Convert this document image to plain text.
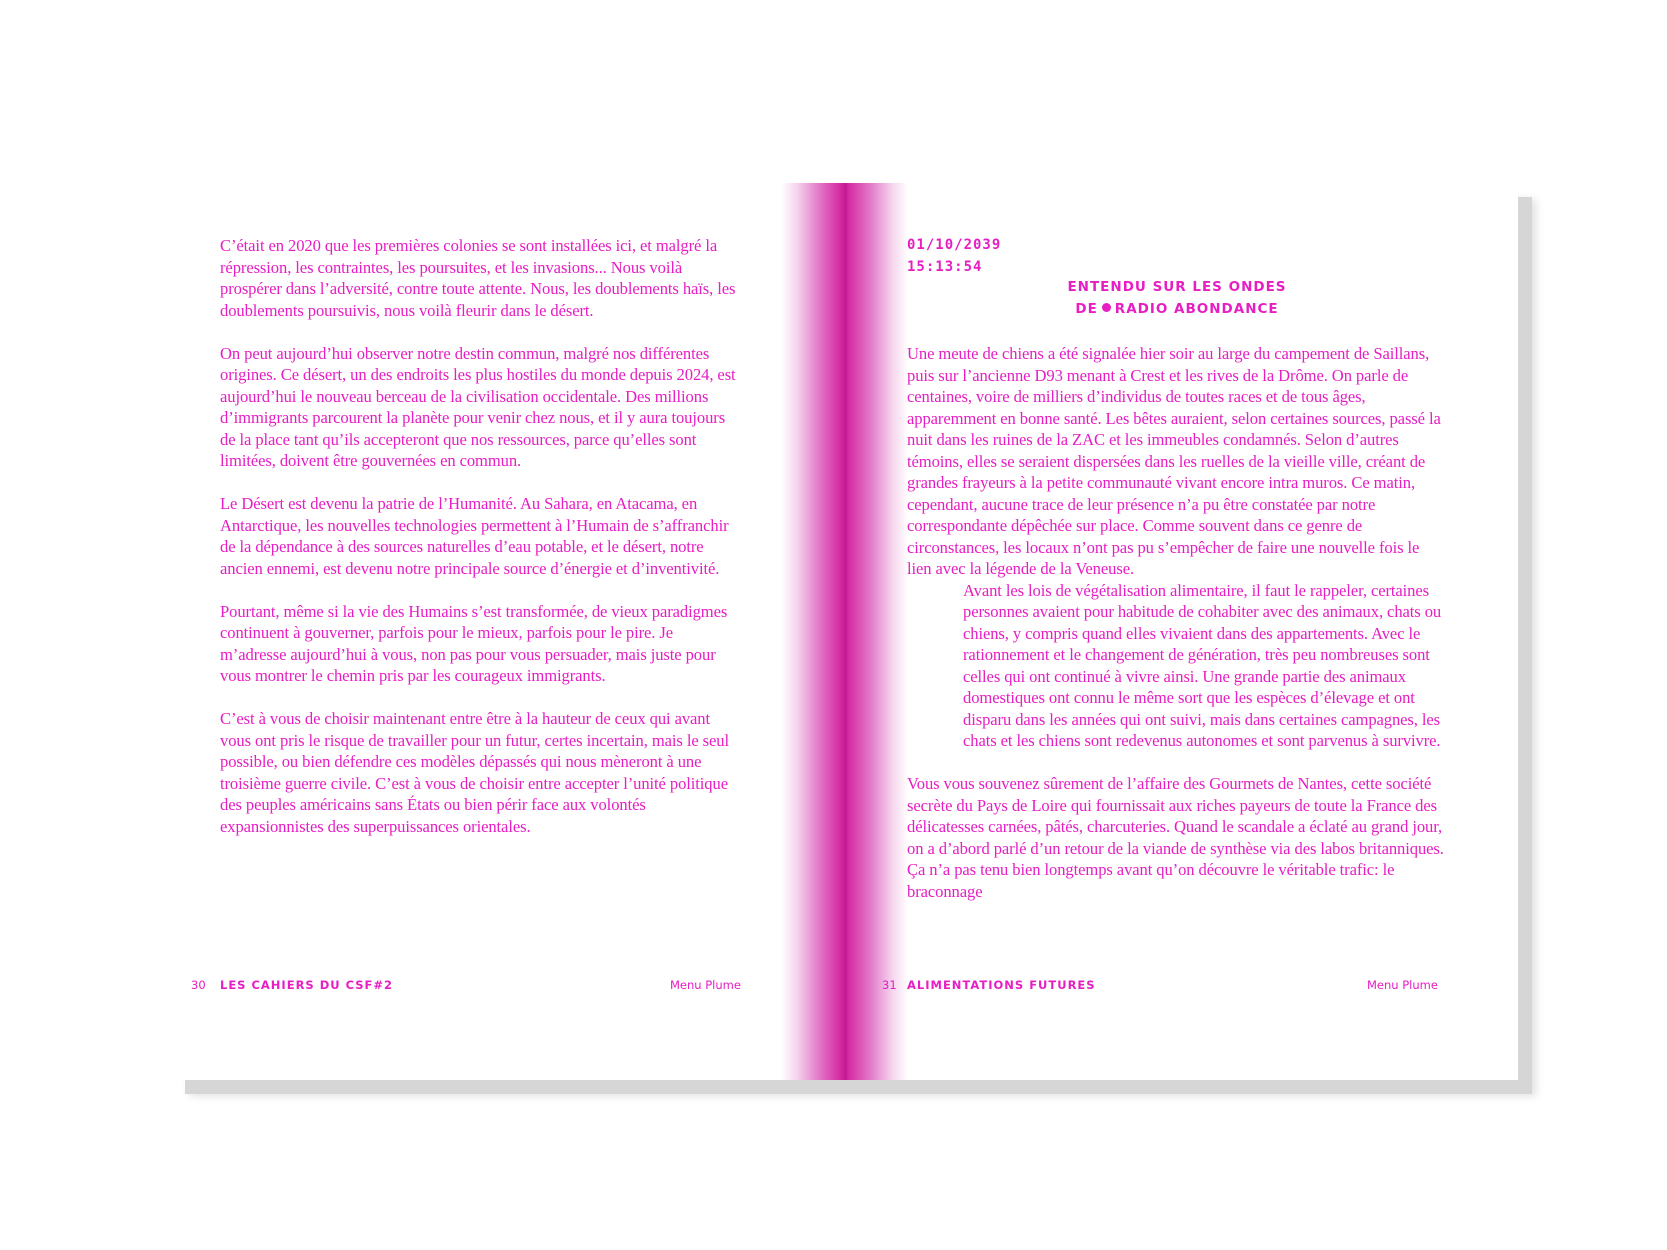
C’était en 2020 que les premières colonies se sont installées ici, et malgré la répression, les contraintes, les poursuites, et les invasions... Nous voilà prospérer dans l’adversité, contre toute attente. Nous, les doublements haïs, les doublements poursuivis, nous voilà fleurir dans le désert.

On peut aujourd’hui observer notre destin commun, malgré nos différentes origines. Ce désert, un des endroits les plus hostiles du monde depuis 2024, est aujourd’hui le nouveau berceau de la civilisation occidentale. Des millions d’immigrants parcourent la planète pour venir chez nous, et il y aura toujours de la place tant qu’ils accepteront que nos ressources, parce qu’elles sont limitées, doivent être gouvernées en commun.

Le Désert est devenu la patrie de l’Humanité. Au Sahara, en Atacama, en Antarctique, les nouvelles technologies permettent à l’Humain de s’affranchir de la dépendance à des sources naturelles d’eau potable, et le désert, notre ancien ennemi, est devenu notre principale source d’énergie et d’inventivité.

Pourtant, même si la vie des Humains s’est transformée, de vieux paradigmes continuent à gouverner, parfois pour le mieux, parfois pour le pire. Je m’adresse aujourd’hui à vous, non pas pour vous persuader, mais juste pour vous montrer le chemin pris par les courageux immigrants.

C’est à vous de choisir maintenant entre être à la hauteur de ceux qui avant vous ont pris le risque de travailler pour un futur, certes incertain, mais le seul possible, ou bien défendre ces modèles dépassés qui nous mèneront à une troisième guerre civile. C’est à vous de choisir entre accepter l’unité politique des peuples américains sans États ou bien périr face aux volontés expansionnistes des superpuissances orientales.

30 LES CAHIERS DU CSF#2	Menu Plume
01/10/2039
15:13:54
ENTENDU SUR LES ONDES
DE RADIO ABONDANCE

Une meute de chiens a été signalée hier soir au large du campement de Saillans, puis sur l’ancienne D93 menant à Crest et les rives de la Drôme. On parle de centaines, voire de milliers d’individus de toutes races et de tous âges, apparemment en bonne santé. Les bêtes auraient, selon certaines sources, passé la nuit dans les ruines de la ZAC et les immeubles condamnés. Selon d’autres témoins, elles se seraient dispersées dans les ruelles de la vieille ville, créant de grandes frayeurs à la petite communauté vivant encore intra muros. Ce matin, cependant, aucune trace de leur présence n’a pu être constatée par notre correspondante dépêchée sur place. Comme souvent dans ce genre de circonstances, les locaux n’ont pas pu s’empêcher de faire une nouvelle fois le lien avec la légende de la Veneuse.

Avant les lois de végétalisation alimentaire, il faut le rappeler, certaines personnes avaient pour habitude de cohabiter avec des animaux, chats ou chiens, y compris quand elles vivaient dans des appartements. Avec le rationnement et le changement de génération, très peu nombreuses sont celles qui ont continué à vivre ainsi. Une grande partie des animaux domestiques ont connu le même sort que les espèces d’élevage et ont disparu dans les années qui ont suivi, mais dans certaines campagnes, les chats et les chiens sont redevenus autonomes et sont parvenus à survivre.

Vous vous souvenez sûrement de l’affaire des Gourmets de Nantes, cette société secrète du Pays de Loire qui fournissait aux riches payeurs de toute la France des délicatesses carnées, pâtés, charcuteries. Quand le scandale a éclaté au grand jour, on a d’abord parlé d’un retour de la viande de synthèse via des labos britanniques. Ça n’a pas tenu bien longtemps avant qu’on découvre le véritable trafic: le braconnage

31 ALIMENTATIONS FUTURES	Menu Plume
